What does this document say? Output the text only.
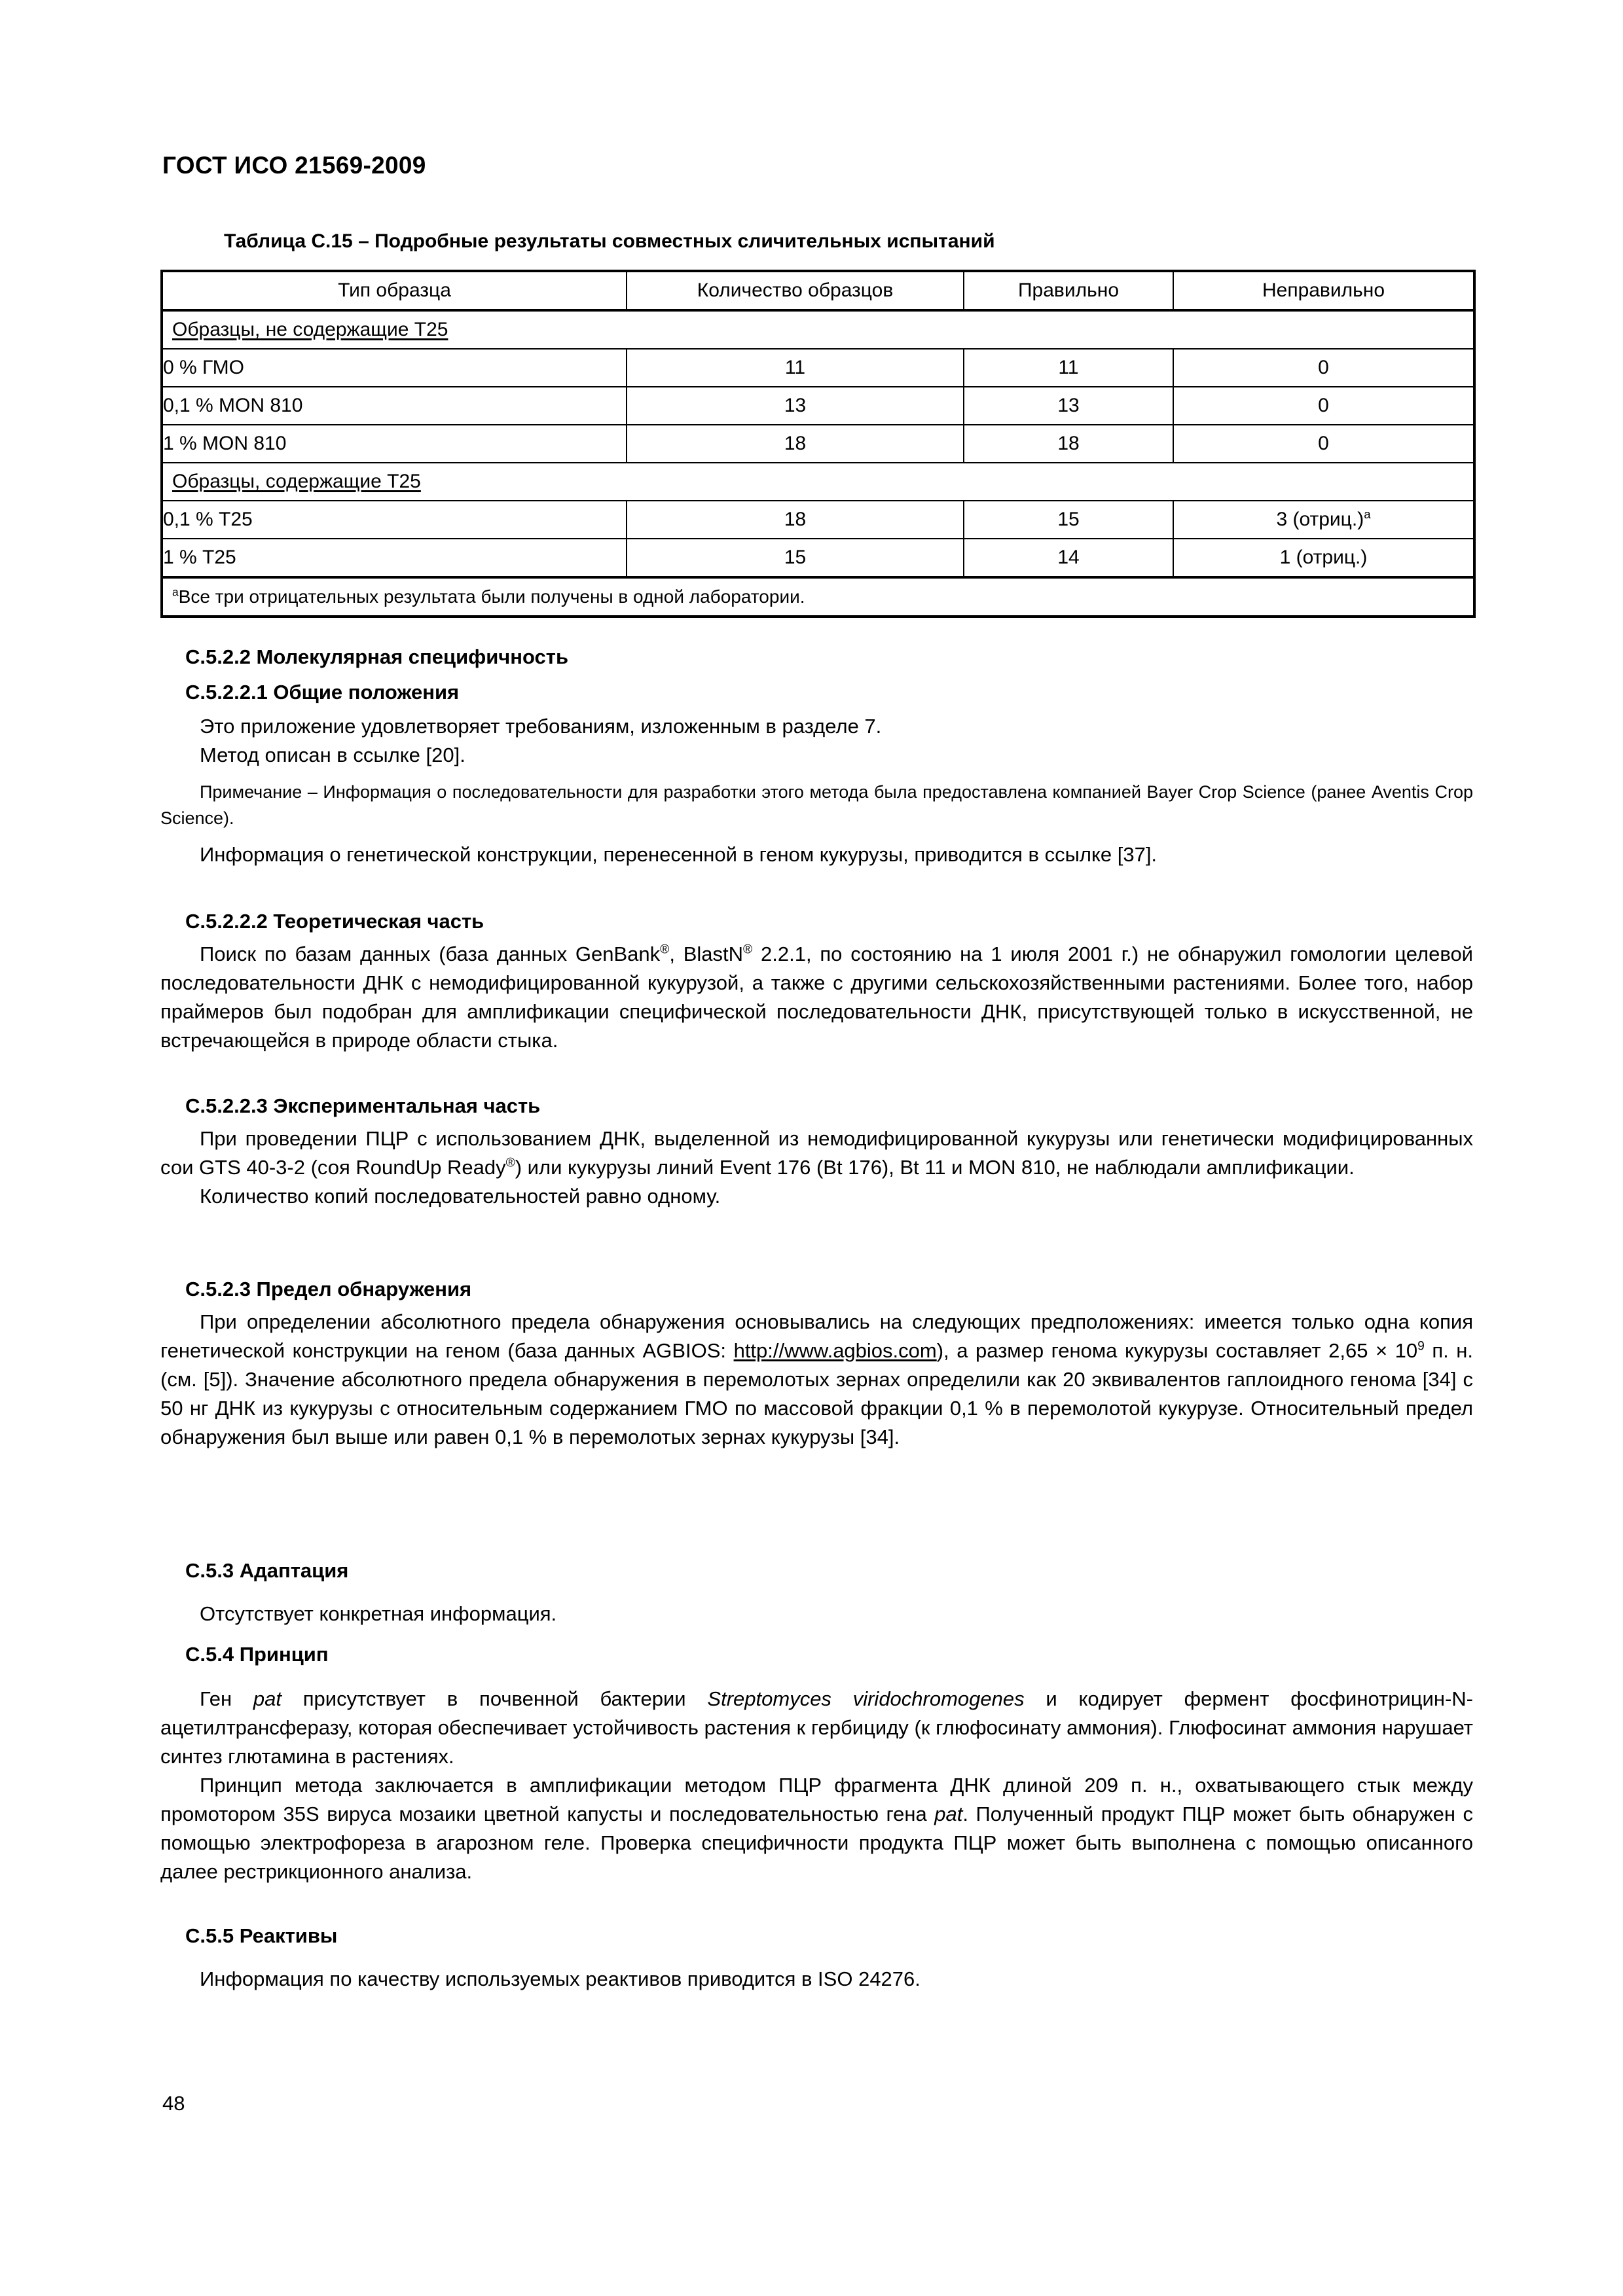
ГОСТ ИСО 21569-2009
Таблица С.15 – Подробные результаты совместных сличительных испытаний
Тип образца	Количество образцов	Правильно	Неправильно
Образцы, не содержащие Т25			
0 % ГМО	11	11	0
0,1 % MON 810	13	13	0
1 % MON 810	18	18	0
Образцы, содержащие Т25			
0,1 % Т25	18	15	3 (отриц.)$^a$
1 % Т25	15	14	1 (отриц.)
$^a$Все три отрицательных результата были получены в одной лаборатории.			
С.5.2.2 Молекулярная специфичность
С.5.2.2.1 Общие положения

Это приложение удовлетворяет требованиям, изложенным в разделе 7.

Метод описан в ссылке [20].

Примечание – Информация о последовательности для разработки этого метода была предоставлена компанией Bayer Crop Science (ранее Aventis Crop Science).

Информация о генетической конструкции, перенесенной в геном кукурузы, приводится в ссылке [37].

С.5.2.2.2 Теоретическая часть

Поиск по базам данных (база данных GenBank®, BlastN® 2.2.1, по состоянию на 1 июля 2001 г.) не обнаружил гомологии целевой последовательности ДНК с немодифицированной кукурузой, а также с другими сельскохозяйственными растениями. Более того, набор праймеров был подобран для амплификации специфической последовательности ДНК, присутствующей только в искусственной, не встречающейся в природе области стыка.

С.5.2.2.3 Экспериментальная часть

При проведении ПЦР с использованием ДНК, выделенной из немодифицированной кукурузы или генетически модифицированных сои GTS 40-3-2 (соя RoundUp Ready®) или кукурузы линий Event 176 (Bt 176), Bt 11 и MON 810, не наблюдали амплификации.

Количество копий последовательностей равно одному.

С.5.2.3 Предел обнаружения

При определении абсолютного предела обнаружения основывались на следующих предположениях: имеется только одна копия генетической конструкции на геном (база данных AGBIOS: http://www.agbios.com), а размер генома кукурузы составляет $2,65 \times 10^9$ п. н. (см. [5]). Значение абсолютного предела обнаружения в перемолотых зернах определили как 20 эквивалентов гаплоидного генома [34] с 50 нг ДНК из кукурузы с относительным содержанием ГМО по массовой фракции 0,1 % в перемолотой кукурузе. Относительный предел обнаружения был выше или равен 0,1 % в перемолотых зернах кукурузы [34].

С.5.3 Адаптация

Отсутствует конкретная информация.

С.5.4 Принцип

Ген pat присутствует в почвенной бактерии Streptomyces viridochromogenes и кодирует фермент фосфинотрицин-N-ацетилтрансферазу, которая обеспечивает устойчивость растения к гербициду (к глюфосинату аммония). Глюфосинат аммония нарушает синтез глютамина в растениях.

Принцип метода заключается в амплификации методом ПЦР фрагмента ДНК длиной 209 п. н., охватывающего стык между промотором 35S вируса мозаики цветной капусты и последовательностью гена pat. Полученный продукт ПЦР может быть обнаружен с помощью электрофореза в агарозном геле. Проверка специфичности продукта ПЦР может быть выполнена с помощью описанного далее рестрикционного анализа.

С.5.5 Реактивы

Информация по качеству используемых реактивов приводится в ISO 24276.

48
